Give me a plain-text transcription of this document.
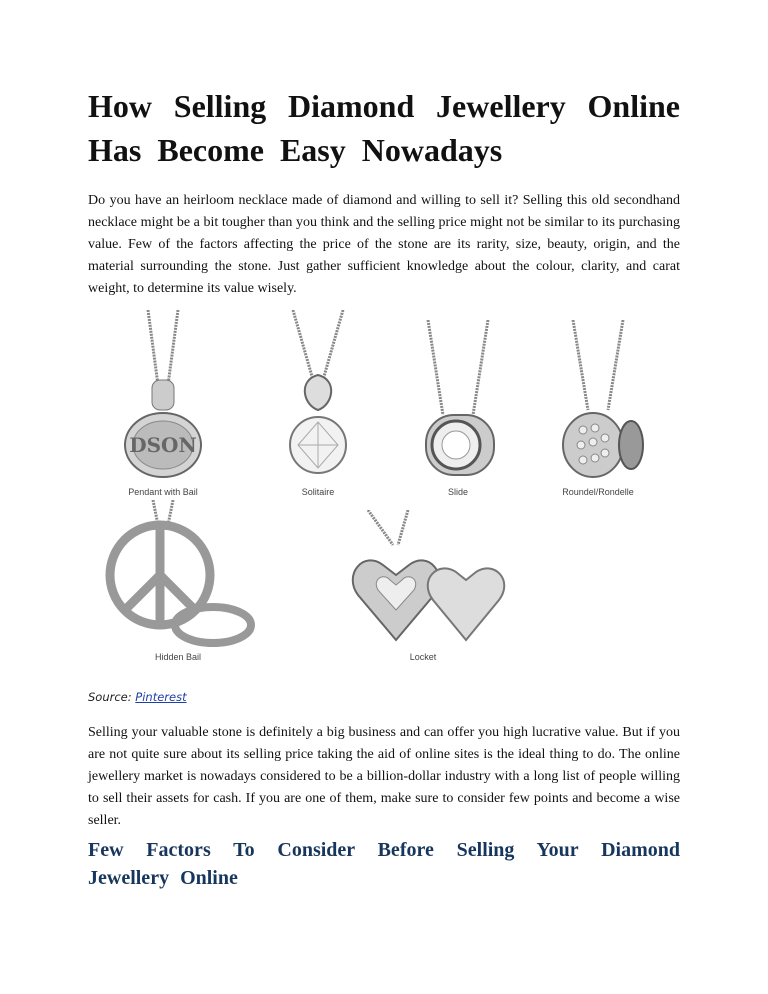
How Selling Diamond Jewellery Online Has Become Easy Nowadays

Do you have an heirloom necklace made of diamond and willing to sell it? Selling this old secondhand necklace might be a bit tougher than you think and the selling price might not be similar to its purchasing value. Few of the factors affecting the price of the stone are its rarity, size, beauty, origin, and the material surrounding the stone. Just gather sufficient knowledge about the colour, clarity, and carat weight, to determine its value wisely.

DSON
Pendant with Bail	Solitaire	Slide	Roundel/Rondelle
Hidden Bail	Locket
Source: Pinterest

Selling your valuable stone is definitely a big business and can offer you high lucrative value. But if you are not quite sure about its selling price taking the aid of online sites is the ideal thing to do. The online jewellery market is nowadays considered to be a billion-dollar industry with a long list of people willing to sell their assets for cash. If you are one of them, make sure to consider few points and become a wise seller.

Few Factors To Consider Before Selling Your Diamond Jewellery Online
